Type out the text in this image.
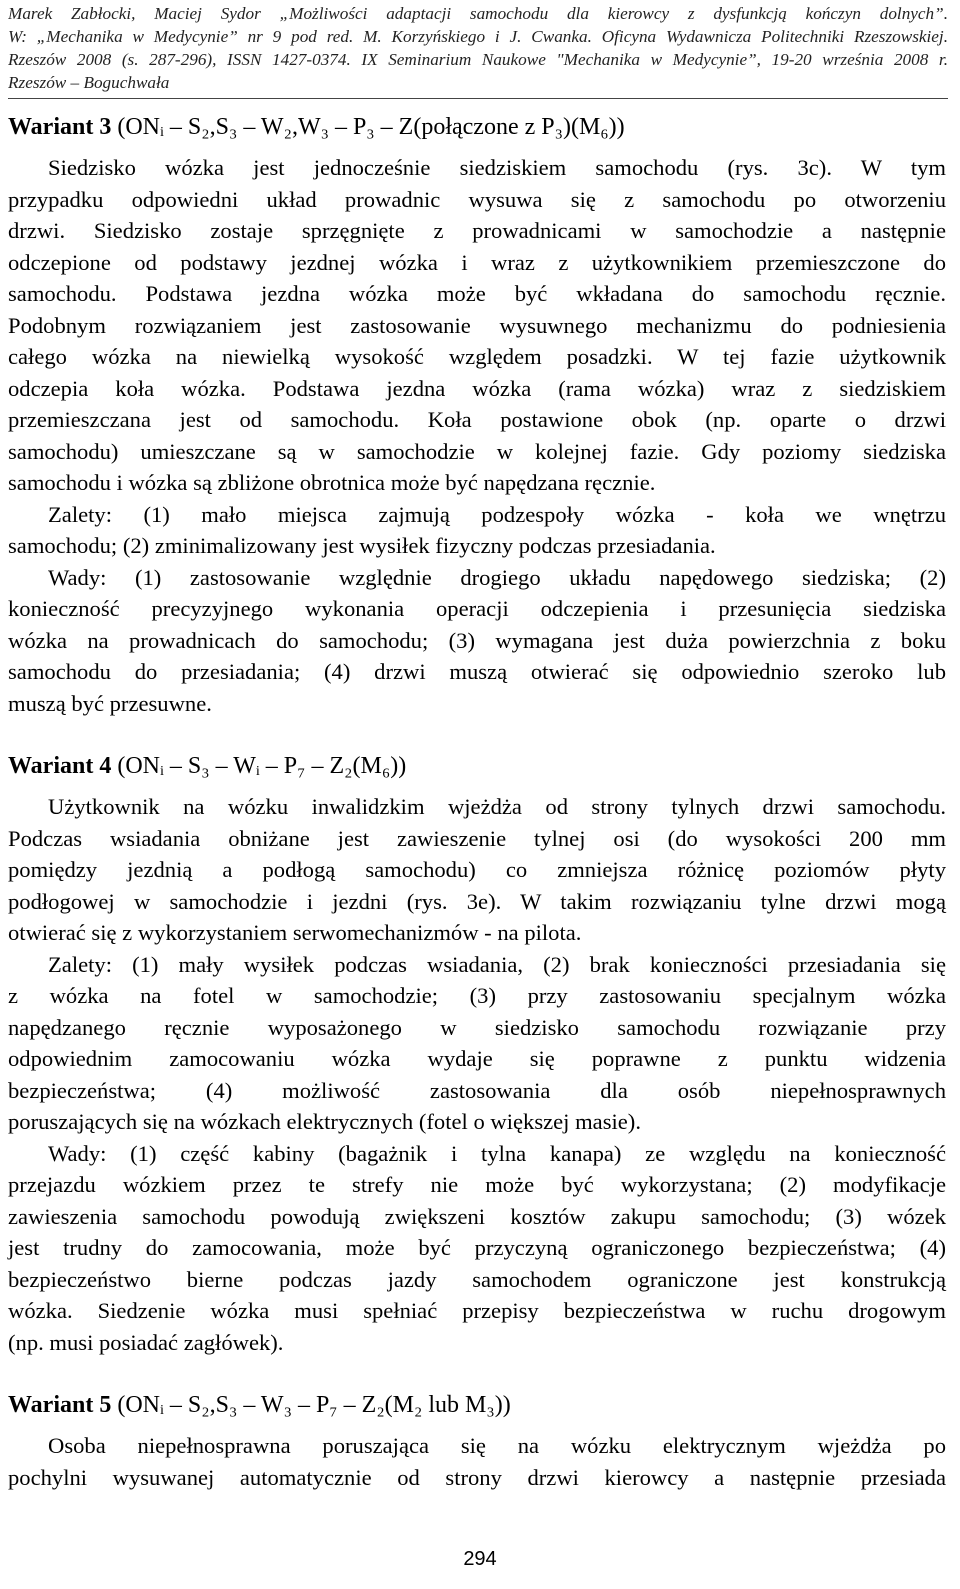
Marek Zabłocki, Maciej Sydor „Możliwości adaptacji samochodu dla kierowcy z dysfunkcją kończyn dolnych”.
W: „Mechanika w Medycynie” nr 9 pod red. M. Korzyńskiego i J. Cwanka. Oficyna Wydawnicza Politechniki Rzeszowskiej.
Rzeszów 2008 (s. 287-296), ISSN 1427-0374. IX Seminarium Naukowe "Mechanika w Medycynie”, 19-20 września 2008 r.
Rzeszów – Boguchwała
Wariant 3 (ONᵢ – S₂,S₃ – W₂,W₃ – P₃ – Z(połączone z P₃)(M₆))

Siedzisko wózka jest jednocześnie siedziskiem samochodu (rys. 3c). W tym
przypadku odpowiedni układ prowadnic wysuwa się z samochodu po otworzeniu
drzwi. Siedzisko zostaje sprzęgnięte z prowadnicami w samochodzie a następnie
odczepione od podstawy jezdnej wózka i wraz z użytkownikiem przemieszczone do
samochodu. Podstawa jezdna wózka może być wkładana do samochodu ręcznie.
Podobnym rozwiązaniem jest zastosowanie wysuwnego mechanizmu do podniesienia
całego wózka na niewielką wysokość względem posadzki. W tej fazie użytkownik
odczepia koła wózka. Podstawa jezdna wózka (rama wózka) wraz z siedziskiem
przemieszczana jest od samochodu. Koła postawione obok (np. oparte o drzwi
samochodu) umieszczane są w samochodzie w kolejnej fazie. Gdy poziomy siedziska
samochodu i wózka są zbliżone obrotnica może być napędzana ręcznie.

Zalety: (1) mało miejsca zajmują podzespoły wózka - koła we wnętrzu
samochodu; (2) zminimalizowany jest wysiłek fizyczny podczas przesiadania.

Wady: (1) zastosowanie względnie drogiego układu napędowego siedziska; (2)
konieczność precyzyjnego wykonania operacji odczepienia i przesunięcia siedziska
wózka na prowadnicach do samochodu; (3) wymagana jest duża powierzchnia z boku
samochodu do przesiadania; (4) drzwi muszą otwierać się odpowiednio szeroko lub
muszą być przesuwne.

Wariant 4 (ONᵢ – S₃ – Wᵢ – P₇ – Z₂(M₆))

Użytkownik na wózku inwalidzkim wjeżdża od strony tylnych drzwi samochodu.
Podczas wsiadania obniżane jest zawieszenie tylnej osi (do wysokości 200 mm
pomiędzy jezdnią a podłogą samochodu) co zmniejsza różnicę poziomów płyty
podłogowej w samochodzie i jezdni (rys. 3e). W takim rozwiązaniu tylne drzwi mogą
otwierać się z wykorzystaniem serwomechanizmów - na pilota.

Zalety: (1) mały wysiłek podczas wsiadania, (2) brak konieczności przesiadania się
z wózka na fotel w samochodzie; (3) przy zastosowaniu specjalnym wózka
napędzanego ręcznie wyposażonego w siedzisko samochodu rozwiązanie przy
odpowiednim zamocowaniu wózka wydaje się poprawne z punktu widzenia
bezpieczeństwa; (4) możliwość zastosowania dla osób niepełnosprawnych
poruszających się na wózkach elektrycznych (fotel o większej masie).

Wady: (1) część kabiny (bagażnik i tylna kanapa) ze względu na konieczność
przejazdu wózkiem przez te strefy nie może być wykorzystana; (2) modyfikacje
zawieszenia samochodu powodują zwiększeni kosztów zakupu samochodu; (3) wózek
jest trudny do zamocowania, może być przyczyną ograniczonego bezpieczeństwa; (4)
bezpieczeństwo bierne podczas jazdy samochodem ograniczone jest konstrukcją
wózka. Siedzenie wózka musi spełniać przepisy bezpieczeństwa w ruchu drogowym
(np. musi posiadać zagłówek).

Wariant 5 (ONᵢ – S₂,S₃ – W₃ – P₇ – Z₂(M₂ lub M₃))

Osoba niepełnosprawna poruszająca się na wózku elektrycznym wjeżdża po
pochylni wysuwanej automatycznie od strony drzwi kierowcy a następnie przesiada

294
